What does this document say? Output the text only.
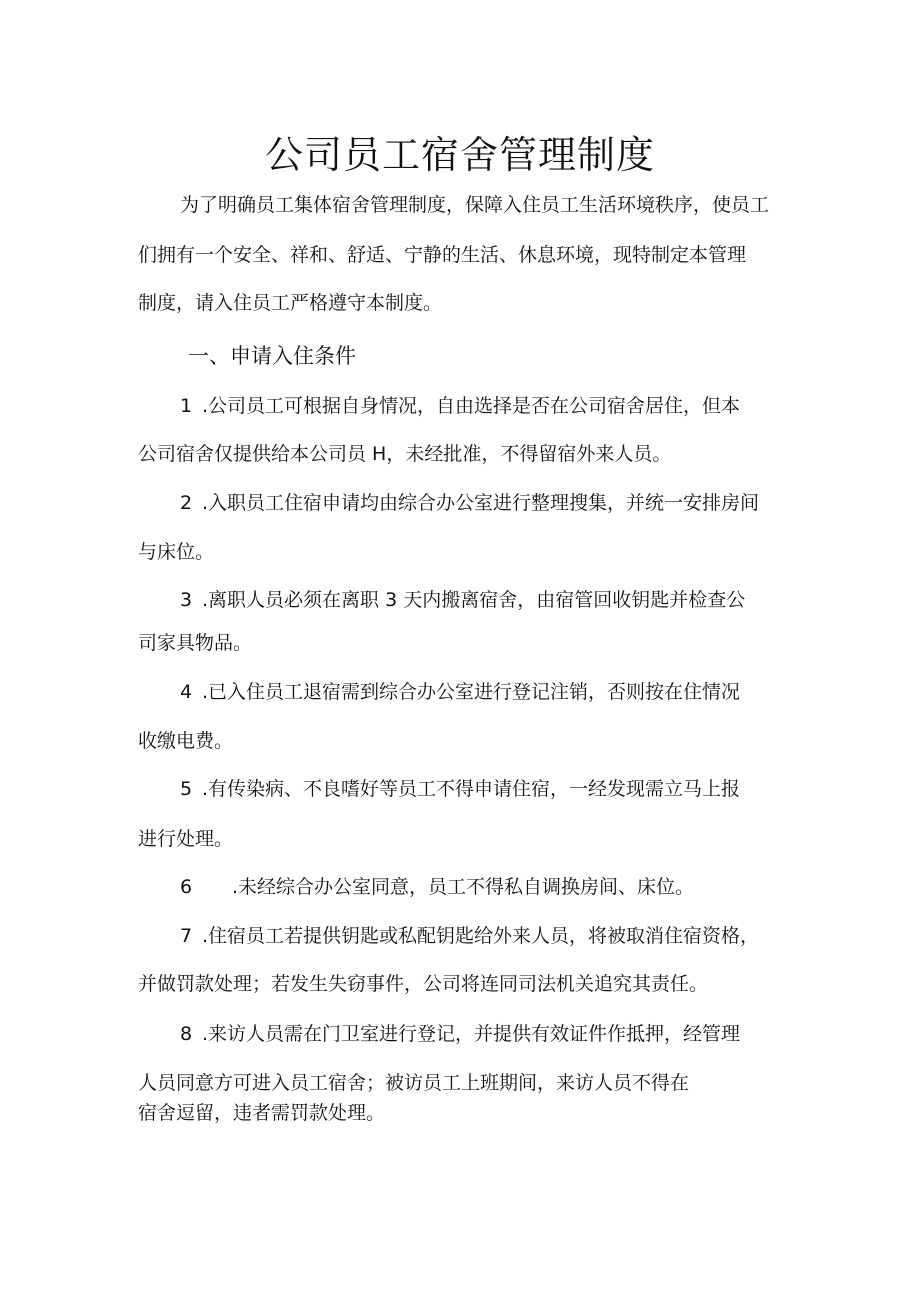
公司员工宿舍管理制度

为了明确员工集体宿舍管理制度，保障入住员工生活环境秩序，使员工

们拥有一个安全、祥和、舒适、宁静的生活、休息环境，现特制定本管理

制度，请入住员工严格遵守本制度。

一、申请入住条件

1 .公司员工可根据自身情况，自由选择是否在公司宿舍居住，但本

公司宿舍仅提供给本公司员 H，未经批准，不得留宿外来人员。

2 .入职员工住宿申请均由综合办公室进行整理搜集，并统一安排房间

与床位。

3 .离职人员必须在离职 3 天内搬离宿舍，由宿管回收钥匙并检查公

司家具物品。

4 .已入住员工退宿需到综合办公室进行登记注销，否则按在住情况

收缴电费。

5 .有传染病、不良嗜好等员工不得申请住宿，一经发现需立马上报

进行处理。

6 .未经综合办公室同意，员工不得私自调换房间、床位。

7 .住宿员工若提供钥匙或私配钥匙给外来人员，将被取消住宿资格，

并做罚款处理；若发生失窃事件，公司将连同司法机关追究其责任。

8 .来访人员需在门卫室进行登记，并提供有效证件作抵押，经管理

人员同意方可进入员工宿舍；被访员工上班期间，来访人员不得在

宿舍逗留，违者需罚款处理。
